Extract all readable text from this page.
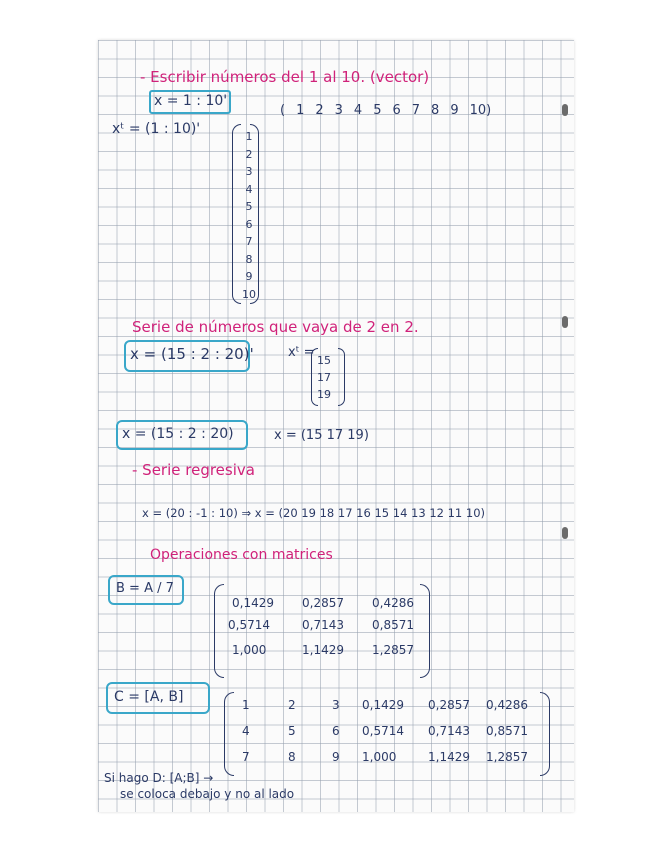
- Escribir números del 1 al 10. (vector)
x = 1 : 10'
( 1 2 3 4 5 6 7 8 9 10)
xᵗ = (1 : 10)'	1
2
3
4
5
6
7
8
9
10
Serie de números que vaya de 2 en 2.
x = (15 : 2 : 20)'	xᵗ =
15
17
19
x = (15 : 2 : 20)	x = (15 17 19)
- Serie regresiva
x = (20 : -1 : 10) ⇒ x = (20 19 18 17 16 15 14 13 12 11 10)
Operaciones con matrices
B = A / 7
0,1429	0,2857	0,4286
0,5714	0,7143	0,8571
1,000	1,1429	1,2857
C = [A, B]	1	2	3	0,1429	0,2857	0,4286
4	5	6	0,5714	0,7143	0,8571
7	8	9	1,000	1,1429	1,2857
Si hago D: [A;B] →
se coloca debajo y no al lado
